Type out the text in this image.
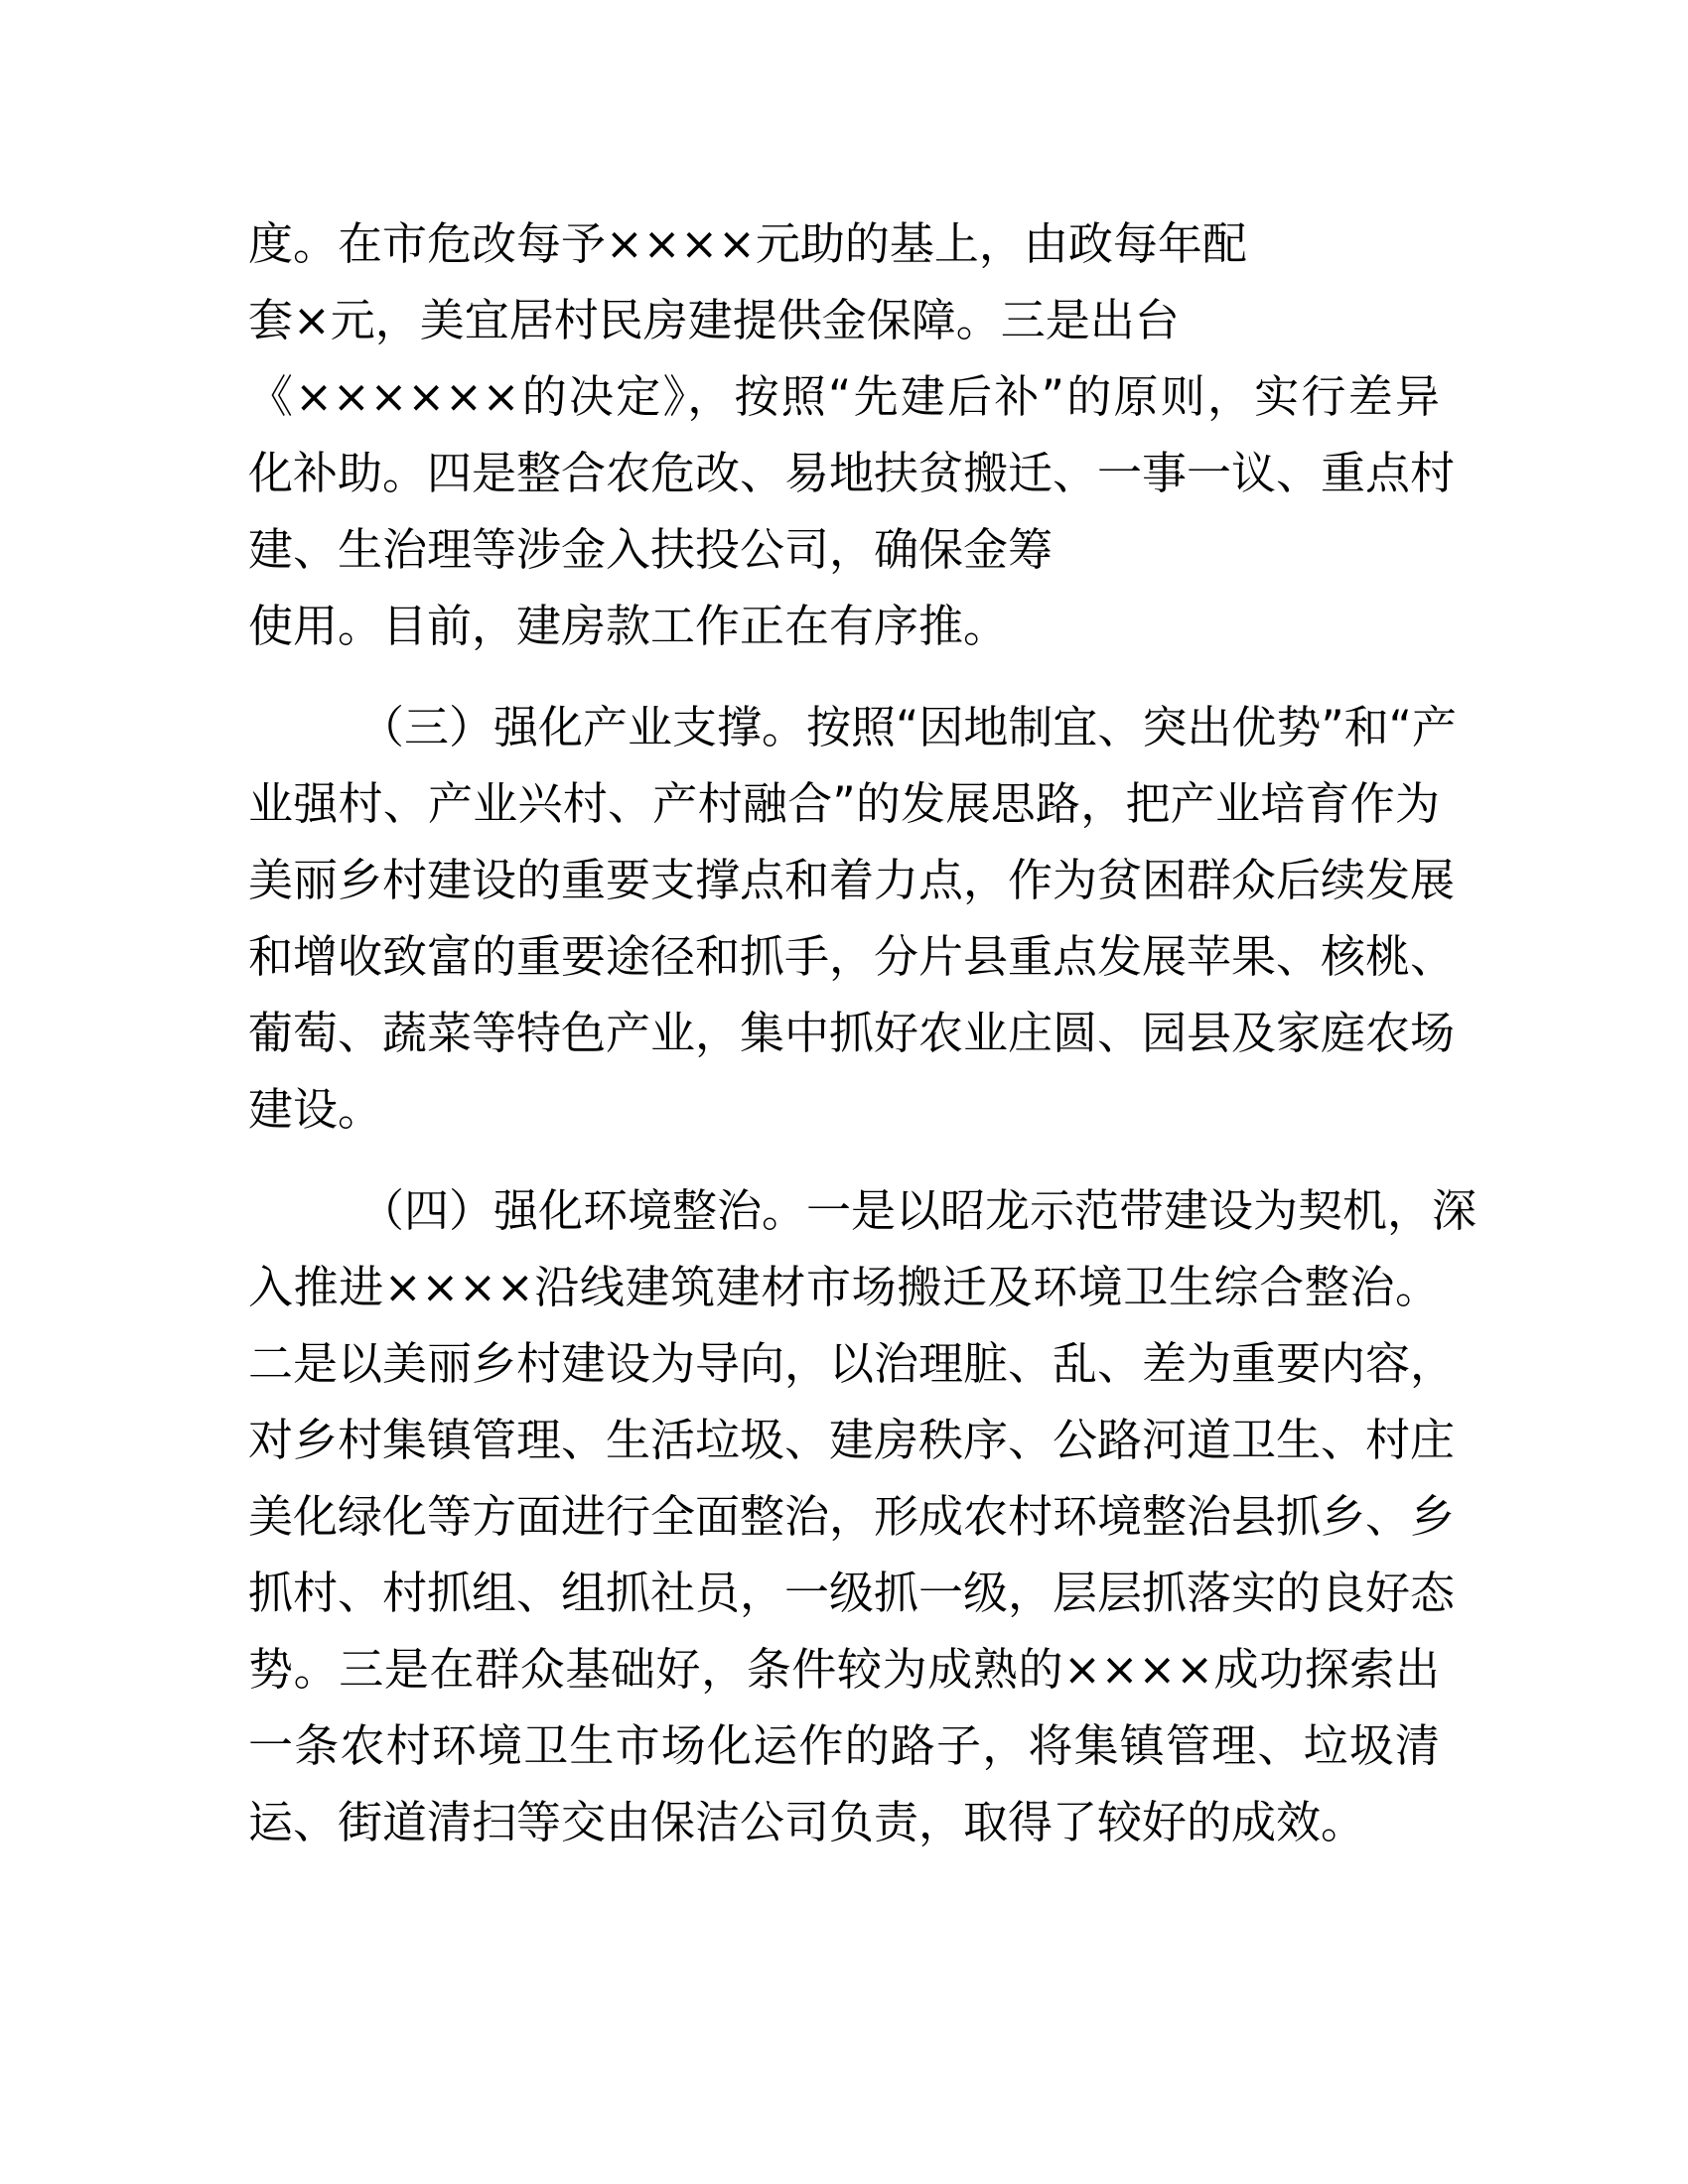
度。在市危改每予××××元助的基上，由政每年配
套×元，美宜居村民房建提供金保障。三是出台
《××××××的决定》，按照“先建后补”的原则，实行差异
化补助。四是整合农危改、易地扶贫搬迁、一事一议、重点村
建、生治理等涉金入扶投公司，确保金筹
使用。目前，建房款工作正在有序推。
（三）强化产业支撑。按照“因地制宜、突出优势”和“产
业强村、产业兴村、产村融合”的发展思路，把产业培育作为
美丽乡村建设的重要支撑点和着力点，作为贫困群众后续发展
和增收致富的重要途径和抓手，分片县重点发展苹果、核桃、
葡萄、蔬菜等特色产业，集中抓好农业庄圆、园县及家庭农场
建设。
（四）强化环境整治。一是以昭龙示范带建设为契机，深
入推进××××沿线建筑建材市场搬迁及环境卫生综合整治。
二是以美丽乡村建设为导向，以治理脏、乱、差为重要内容，
对乡村集镇管理、生活垃圾、建房秩序、公路河道卫生、村庄
美化绿化等方面进行全面整治，形成农村环境整治县抓乡、乡
抓村、村抓组、组抓社员，一级抓一级，层层抓落实的良好态
势。三是在群众基础好，条件较为成熟的××××成功探索出
一条农村环境卫生市场化运作的路子，将集镇管理、垃圾清
运、街道清扫等交由保洁公司负责，取得了较好的成效。
